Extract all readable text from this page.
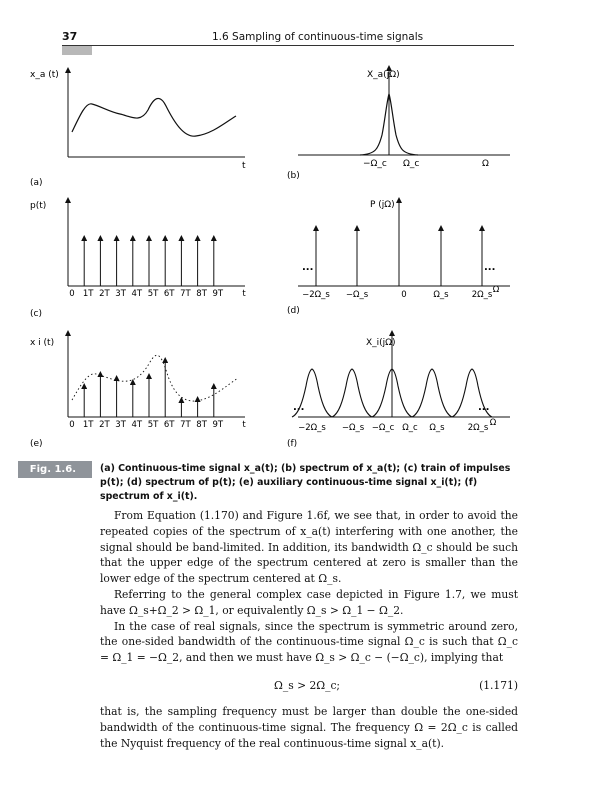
37	1.6 Sampling of continuous-time signals
x_a (t)
t
(a)
X_a(jΩ)
−Ω_c Ω_c	Ω
(b)
p(t)
(c)
0 1T 2T 3T 4T 5T 6T 7T 8T 9T t
P (jΩ)
...	...
(d)
−2Ω_s −Ω_s	0	Ω_s	2Ω_s Ω
x i (t)
(e)
0 1T 2T 3T 4T 5T 6T 7T 8T 9T t
X_i(jΩ)
...	...
(f)
−2Ω_s −Ω_s −Ω_c Ω_c Ω_s	2Ω_s Ω
Fig. 1.6.	(a) Continuous-time signal x_a(t); (b) spectrum of x_a(t); (c) train of impulses p(t); (d) spectrum of p(t); (e) auxiliary continuous-time signal x_i(t); (f) spectrum of x_i(t).

From Equation (1.170) and Figure 1.6f, we see that, in order to avoid the repeated copies of the spectrum of x_a(t) interfering with one another, the signal should be band-limited. In addition, its bandwidth Ω_c should be such that the upper edge of the spectrum centered at zero is smaller than the lower edge of the spectrum centered at Ω_s.

Referring to the general complex case depicted in Figure 1.7, we must have Ω_s+Ω_2 > Ω_1, or equivalently Ω_s > Ω_1 − Ω_2.

In the case of real signals, since the spectrum is symmetric around zero, the one-sided bandwidth of the continuous-time signal Ω_c is such that Ω_c = Ω_1 = −Ω_2, and then we must have Ω_s > Ω_c − (−Ω_c), implying that

Ω_s > 2Ω_c;	(1.171)

that is, the sampling frequency must be larger than double the one-sided bandwidth of the continuous-time signal. The frequency Ω = 2Ω_c is called the Nyquist frequency of the real continuous-time signal x_a(t).
